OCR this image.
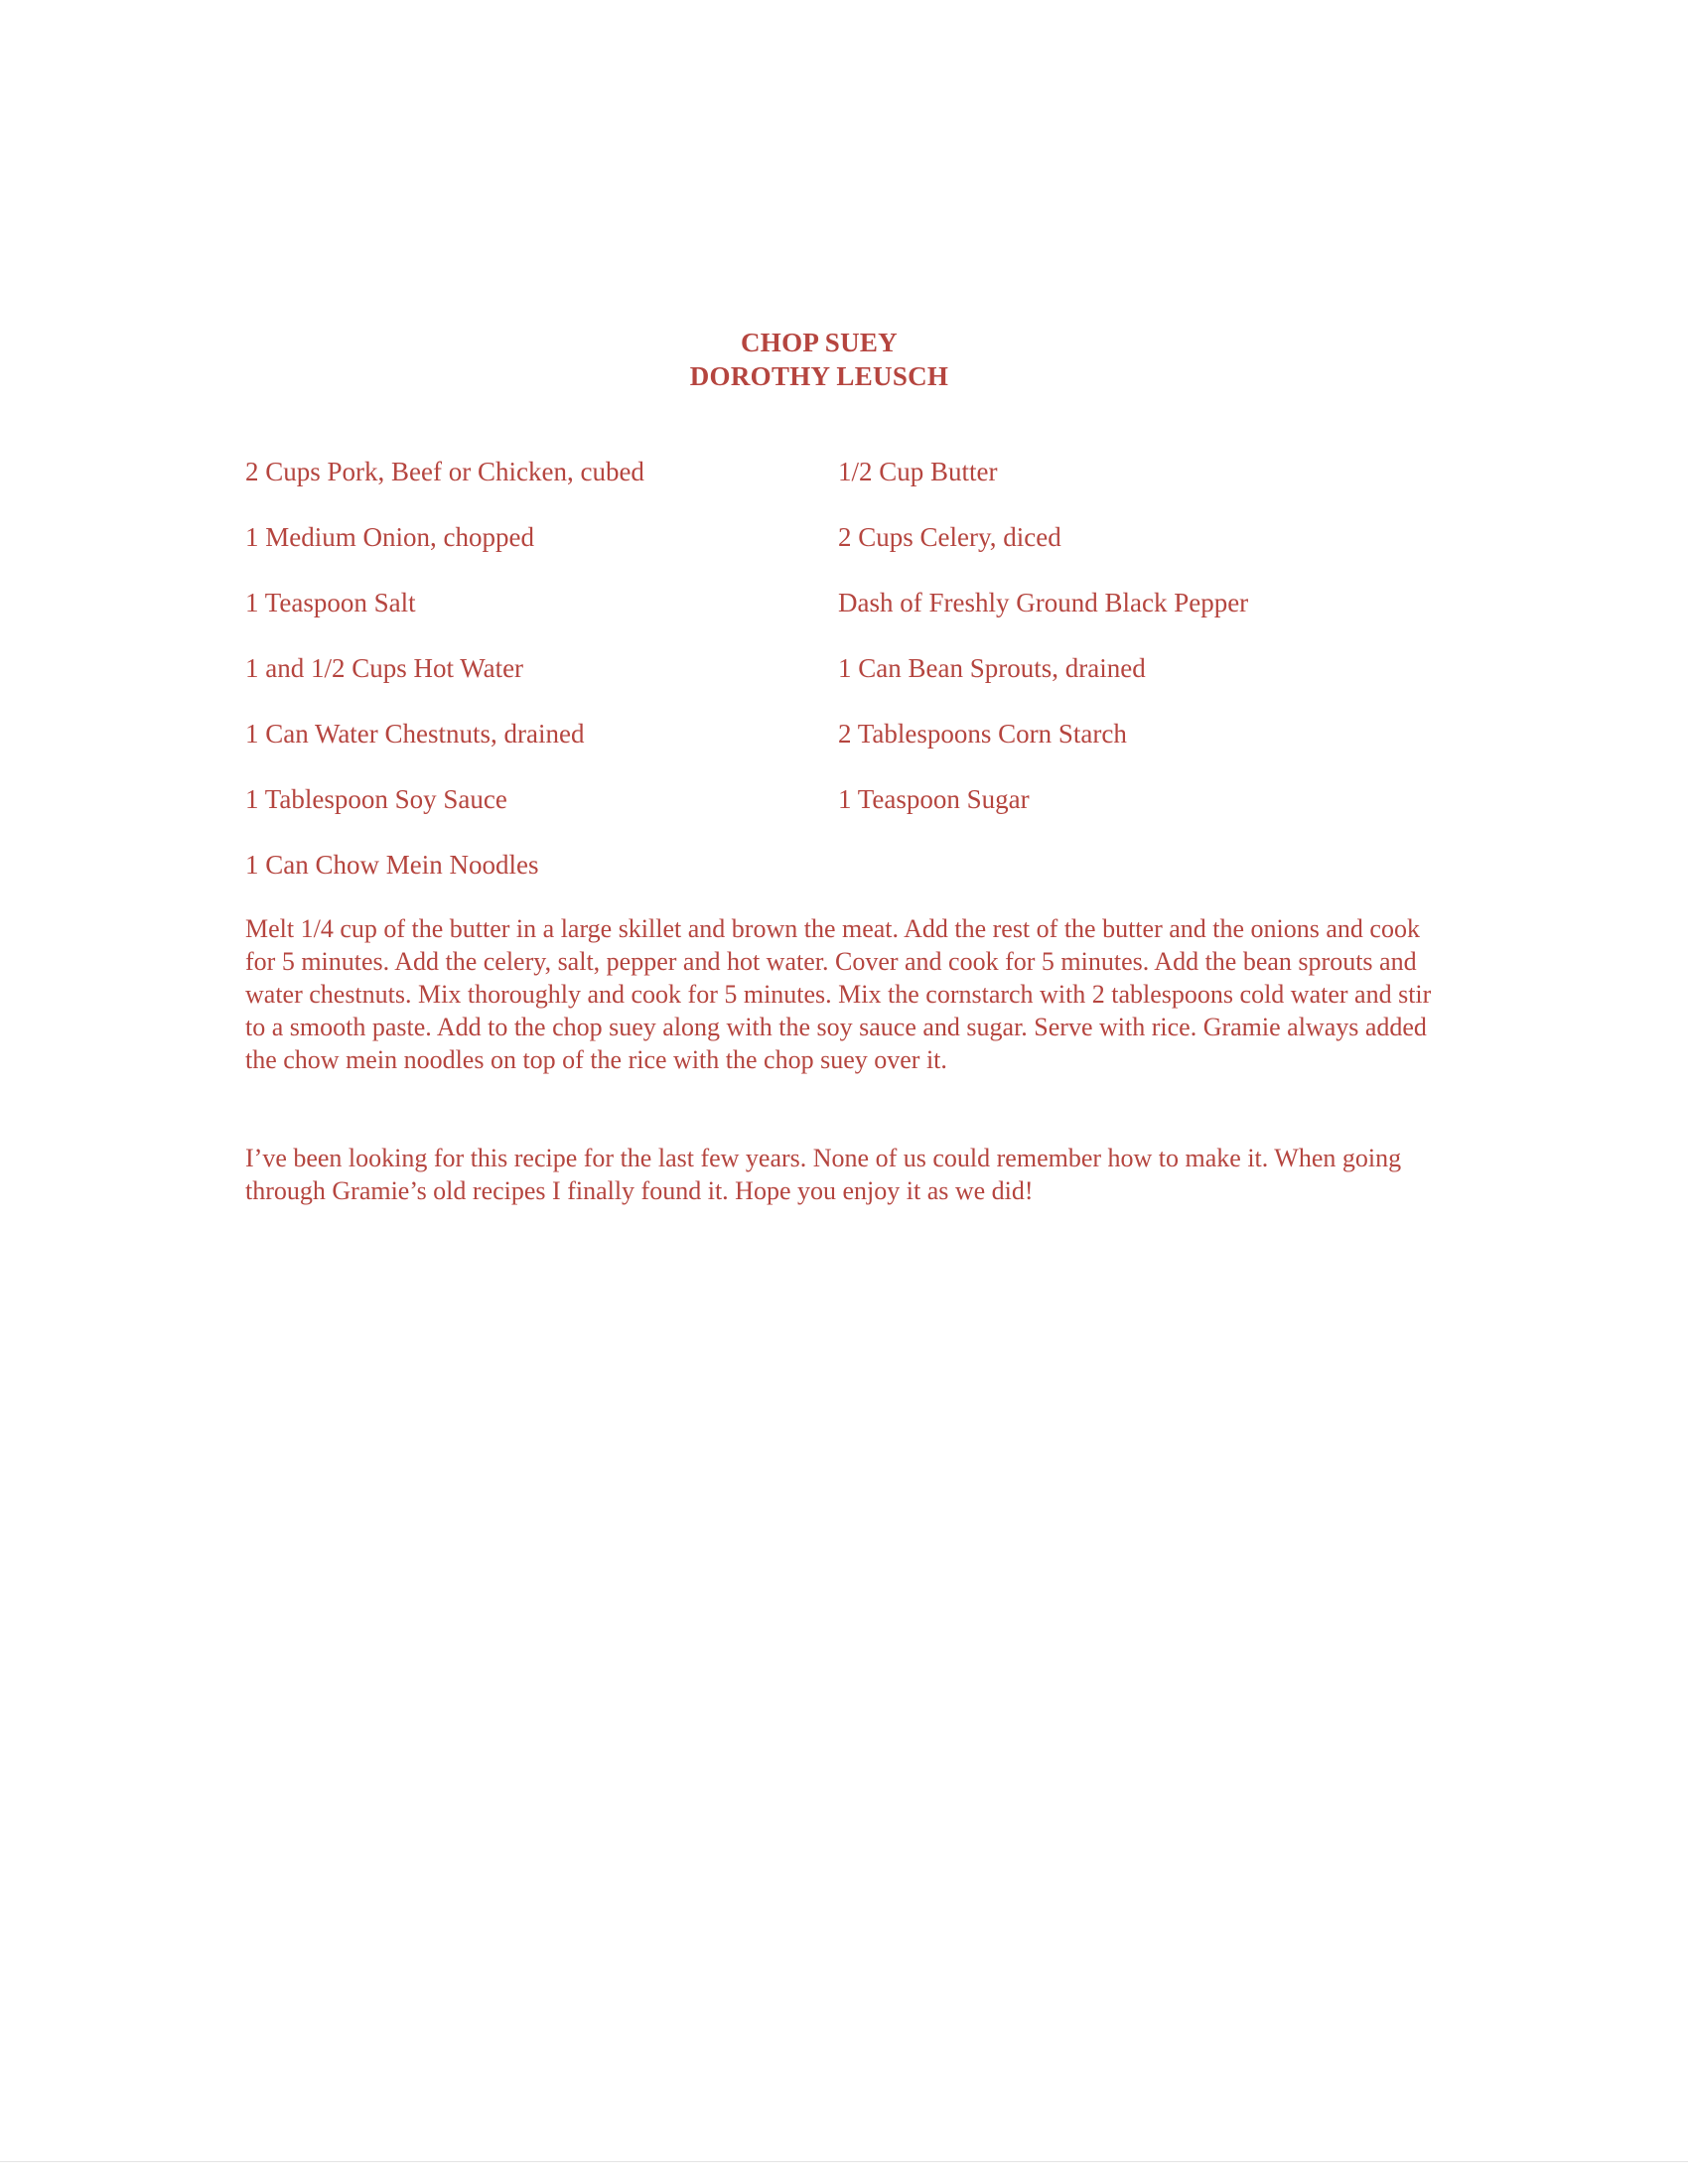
CHOP SUEY
DOROTHY LEUSCH
2 Cups Pork, Beef or Chicken, cubed	1/2 Cup Butter
1 Medium Onion, chopped	2 Cups Celery, diced
1 Teaspoon Salt	Dash of Freshly Ground Black Pepper
1 and 1/2 Cups Hot Water	1 Can Bean Sprouts, drained
1 Can Water Chestnuts, drained	2 Tablespoons Corn Starch
1 Tablespoon Soy Sauce	1 Teaspoon Sugar
1 Can Chow Mein Noodles

Melt 1/4 cup of the butter in a large skillet and brown the meat. Add the rest of the butter and the onions and cook for 5 minutes. Add the celery, salt, pepper and hot water. Cover and cook for 5 minutes. Add the bean sprouts and water chestnuts. Mix thoroughly and cook for 5 minutes. Mix the cornstarch with 2 tablespoons cold water and stir to a smooth paste. Add to the chop suey along with the soy sauce and sugar. Serve with rice. Gramie always added the chow mein noodles on top of the rice with the chop suey over it.

I’ve been looking for this recipe for the last few years. None of us could remember how to make it. When going through Gramie’s old recipes I finally found it. Hope you enjoy it as we did!
